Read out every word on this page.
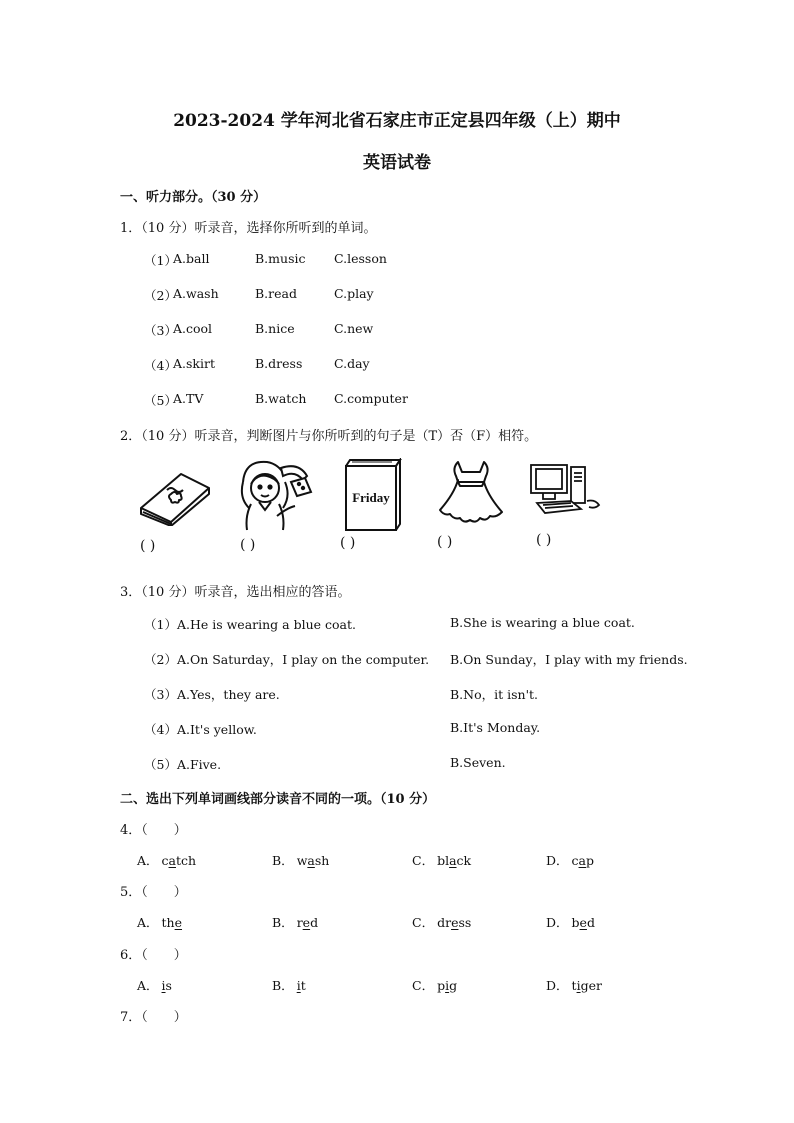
2023-2024 学年河北省石家庄市正定县四年级（上）期中
英语试卷
一、听力部分。（30 分）
1．（10 分）听录音，选择你所听到的单词。
（1）
A.ball	B.music C.lesson
（2）
A.wash	B.read	C.play
（3）
A.cool	B.nice	C.new
（4）
A.skirt	B.dress	C.day
（5）
A.TV	B.watch C.computer
2．（10 分）听录音，判断图片与你所听到的句子是（T）否（F）相符。
Friday
( )	( )	( )	( )	( )
3．（10 分）听录音，选出相应的答语。
（1）A.He is wearing a blue coat.	B.She is wearing a blue coat.
（2）A.On Saturday，I play on the computer. B.On Sunday，I play with my friends.
（3）A.Yes，they are.	B.No，it isn't.
（4）A.It's yellow.	B.It's Monday.
（5）A.Five.	B.Seven.
二、选出下列单词画线部分读音不同的一项。（10 分）
4．（　　）
A． catch	B． wash	C． black	D． cap
5．（　　）
A． the	B． red	C． dress	D． bed
6．（　　）
A． is	B． it	C． pig	D． tiger
7．（　　）
